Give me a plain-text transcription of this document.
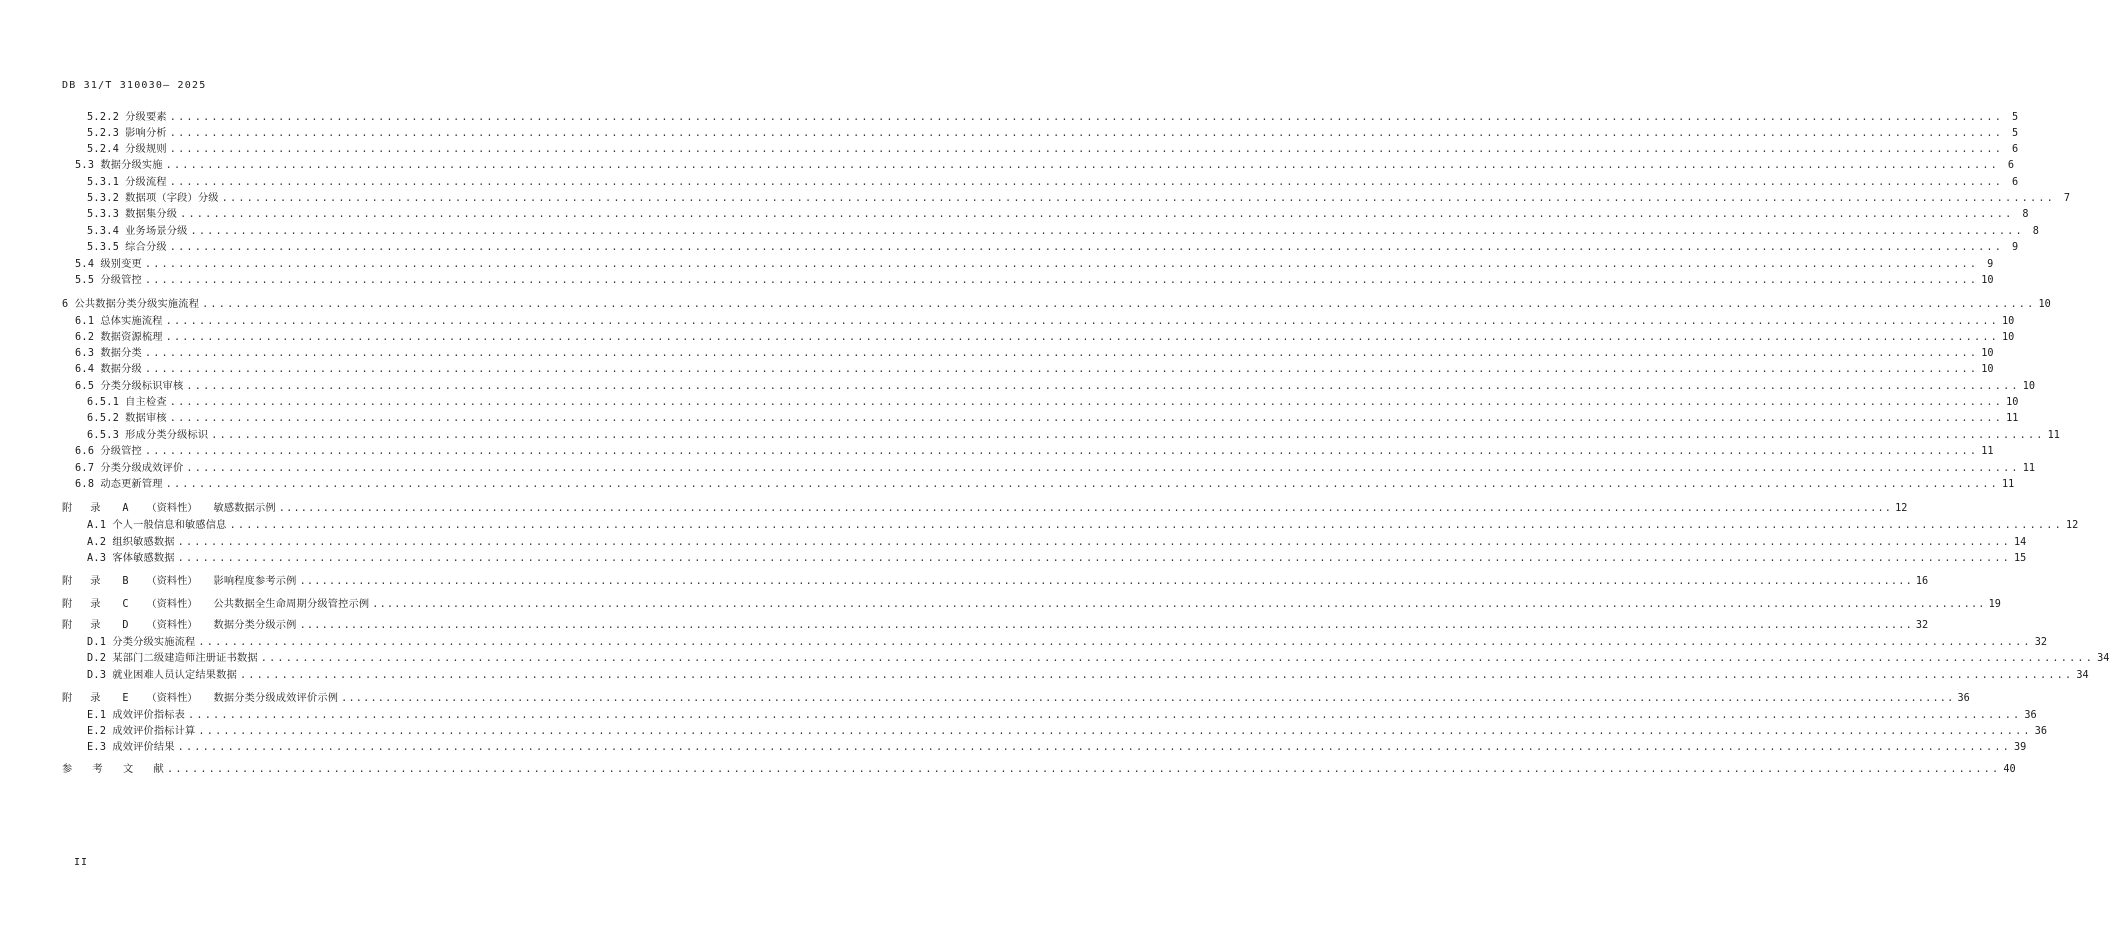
DB 31/T 310030— 2025
5.2.2 分级要素 ............................................................................................................................................................................................................................ 5
5.2.3 影响分析 ............................................................................................................................................................................................................................ 5
5.2.4 分级规则 ............................................................................................................................................................................................................................ 6
5.3 数据分级实施 ............................................................................................................................................................................................................................ 6
5.3.1 分级流程 ............................................................................................................................................................................................................................ 6
5.3.2 数据项（字段）分级 ............................................................................................................................................................................................................................ 7
5.3.3 数据集分级 ............................................................................................................................................................................................................................ 8
5.3.4 业务场景分级 ............................................................................................................................................................................................................................ 8
5.3.5 综合分级 ............................................................................................................................................................................................................................ 9
5.4 级别变更 ............................................................................................................................................................................................................................ 9
5.5 分级管控 ............................................................................................................................................................................................................................ 10
6 公共数据分类分级实施流程 ............................................................................................................................................................................................................................ 10
6.1 总体实施流程 ............................................................................................................................................................................................................................ 10
6.2 数据资源梳理 ............................................................................................................................................................................................................................ 10
6.3 数据分类 ............................................................................................................................................................................................................................ 10
6.4 数据分级 ............................................................................................................................................................................................................................ 10
6.5 分类分级标识审核 ............................................................................................................................................................................................................................ 10
6.5.1 自主检查 ............................................................................................................................................................................................................................ 10
6.5.2 数据审核 ............................................................................................................................................................................................................................ 11
6.5.3 形成分类分级标识 ............................................................................................................................................................................................................................ 11
6.6 分级管控 ............................................................................................................................................................................................................................ 11
6.7 分类分级成效评价 ............................................................................................................................................................................................................................ 11
6.8 动态更新管理 ............................................................................................................................................................................................................................ 11
附 录 A （资料性） 敏感数据示例 ............................................................................................................................................................................................................................ 12
A.1 个人一般信息和敏感信息 ............................................................................................................................................................................................................................ 12
A.2 组织敏感数据 ............................................................................................................................................................................................................................ 14
A.3 客体敏感数据 ............................................................................................................................................................................................................................ 15
附 录 B （资料性） 影响程度参考示例 ............................................................................................................................................................................................................................ 16
附 录 C （资料性） 公共数据全生命周期分级管控示例 ............................................................................................................................................................................................................................ 19
附 录 D （资料性） 数据分类分级示例 ............................................................................................................................................................................................................................ 32
D.1 分类分级实施流程 ............................................................................................................................................................................................................................ 32
D.2 某部门二级建造师注册证书数据 ............................................................................................................................................................................................................................ 34
D.3 就业困难人员认定结果数据 ............................................................................................................................................................................................................................ 34
附 录 E （资料性） 数据分类分级成效评价示例 ............................................................................................................................................................................................................................ 36
E.1 成效评价指标表 ............................................................................................................................................................................................................................ 36
E.2 成效评价指标计算 ............................................................................................................................................................................................................................ 36
E.3 成效评价结果 ............................................................................................................................................................................................................................ 39
参 考 文 献 ............................................................................................................................................................................................................................ 40
II
